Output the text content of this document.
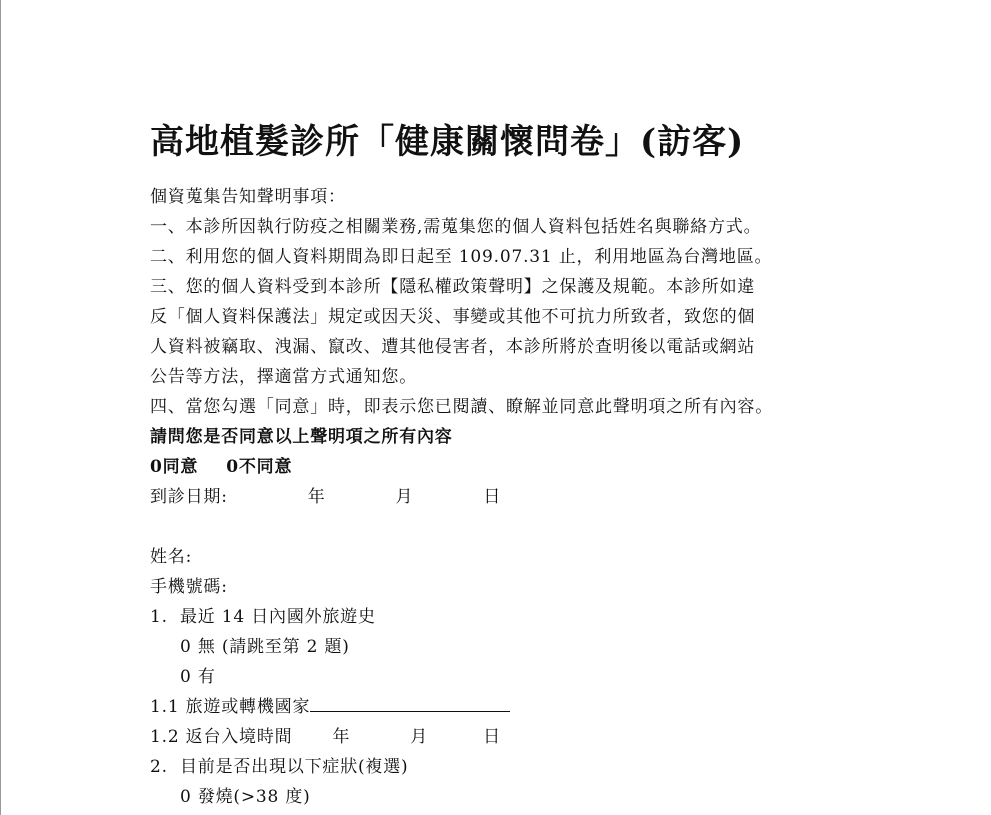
高地植髮診所「健康關懷問卷」(訪客)
個資蒐集告知聲明事項：
一、本診所因執行防疫之相關業務,需蒐集您的個人資料包括姓名與聯絡方式。
二、利用您的個人資料期間為即日起至 109.07.31 止，利用地區為台灣地區。
三、您的個人資料受到本診所【隱私權政策聲明】之保護及規範。本診所如違
反「個人資料保護法」規定或因天災、事變或其他不可抗力所致者，致您的個
人資料被竊取、洩漏、竄改、遭其他侵害者，本診所將於查明後以電話或網站
公告等方法，擇適當方式通知您。
四、當您勾選「同意」時，即表示您已閱讀、瞭解並同意此聲明項之所有內容。
請問您是否同意以上聲明項之所有內容
0同意 0不同意
到診日期:	年	月	日
姓名:
手機號碼:
1. 最近 14 日內國外旅遊史
0 無 (請跳至第 2 題)
0 有
1.1 旅遊或轉機國家
1.2 返台入境時間 年	月	日
2. 目前是否出現以下症狀(複選)
0 發燒(>38 度)
